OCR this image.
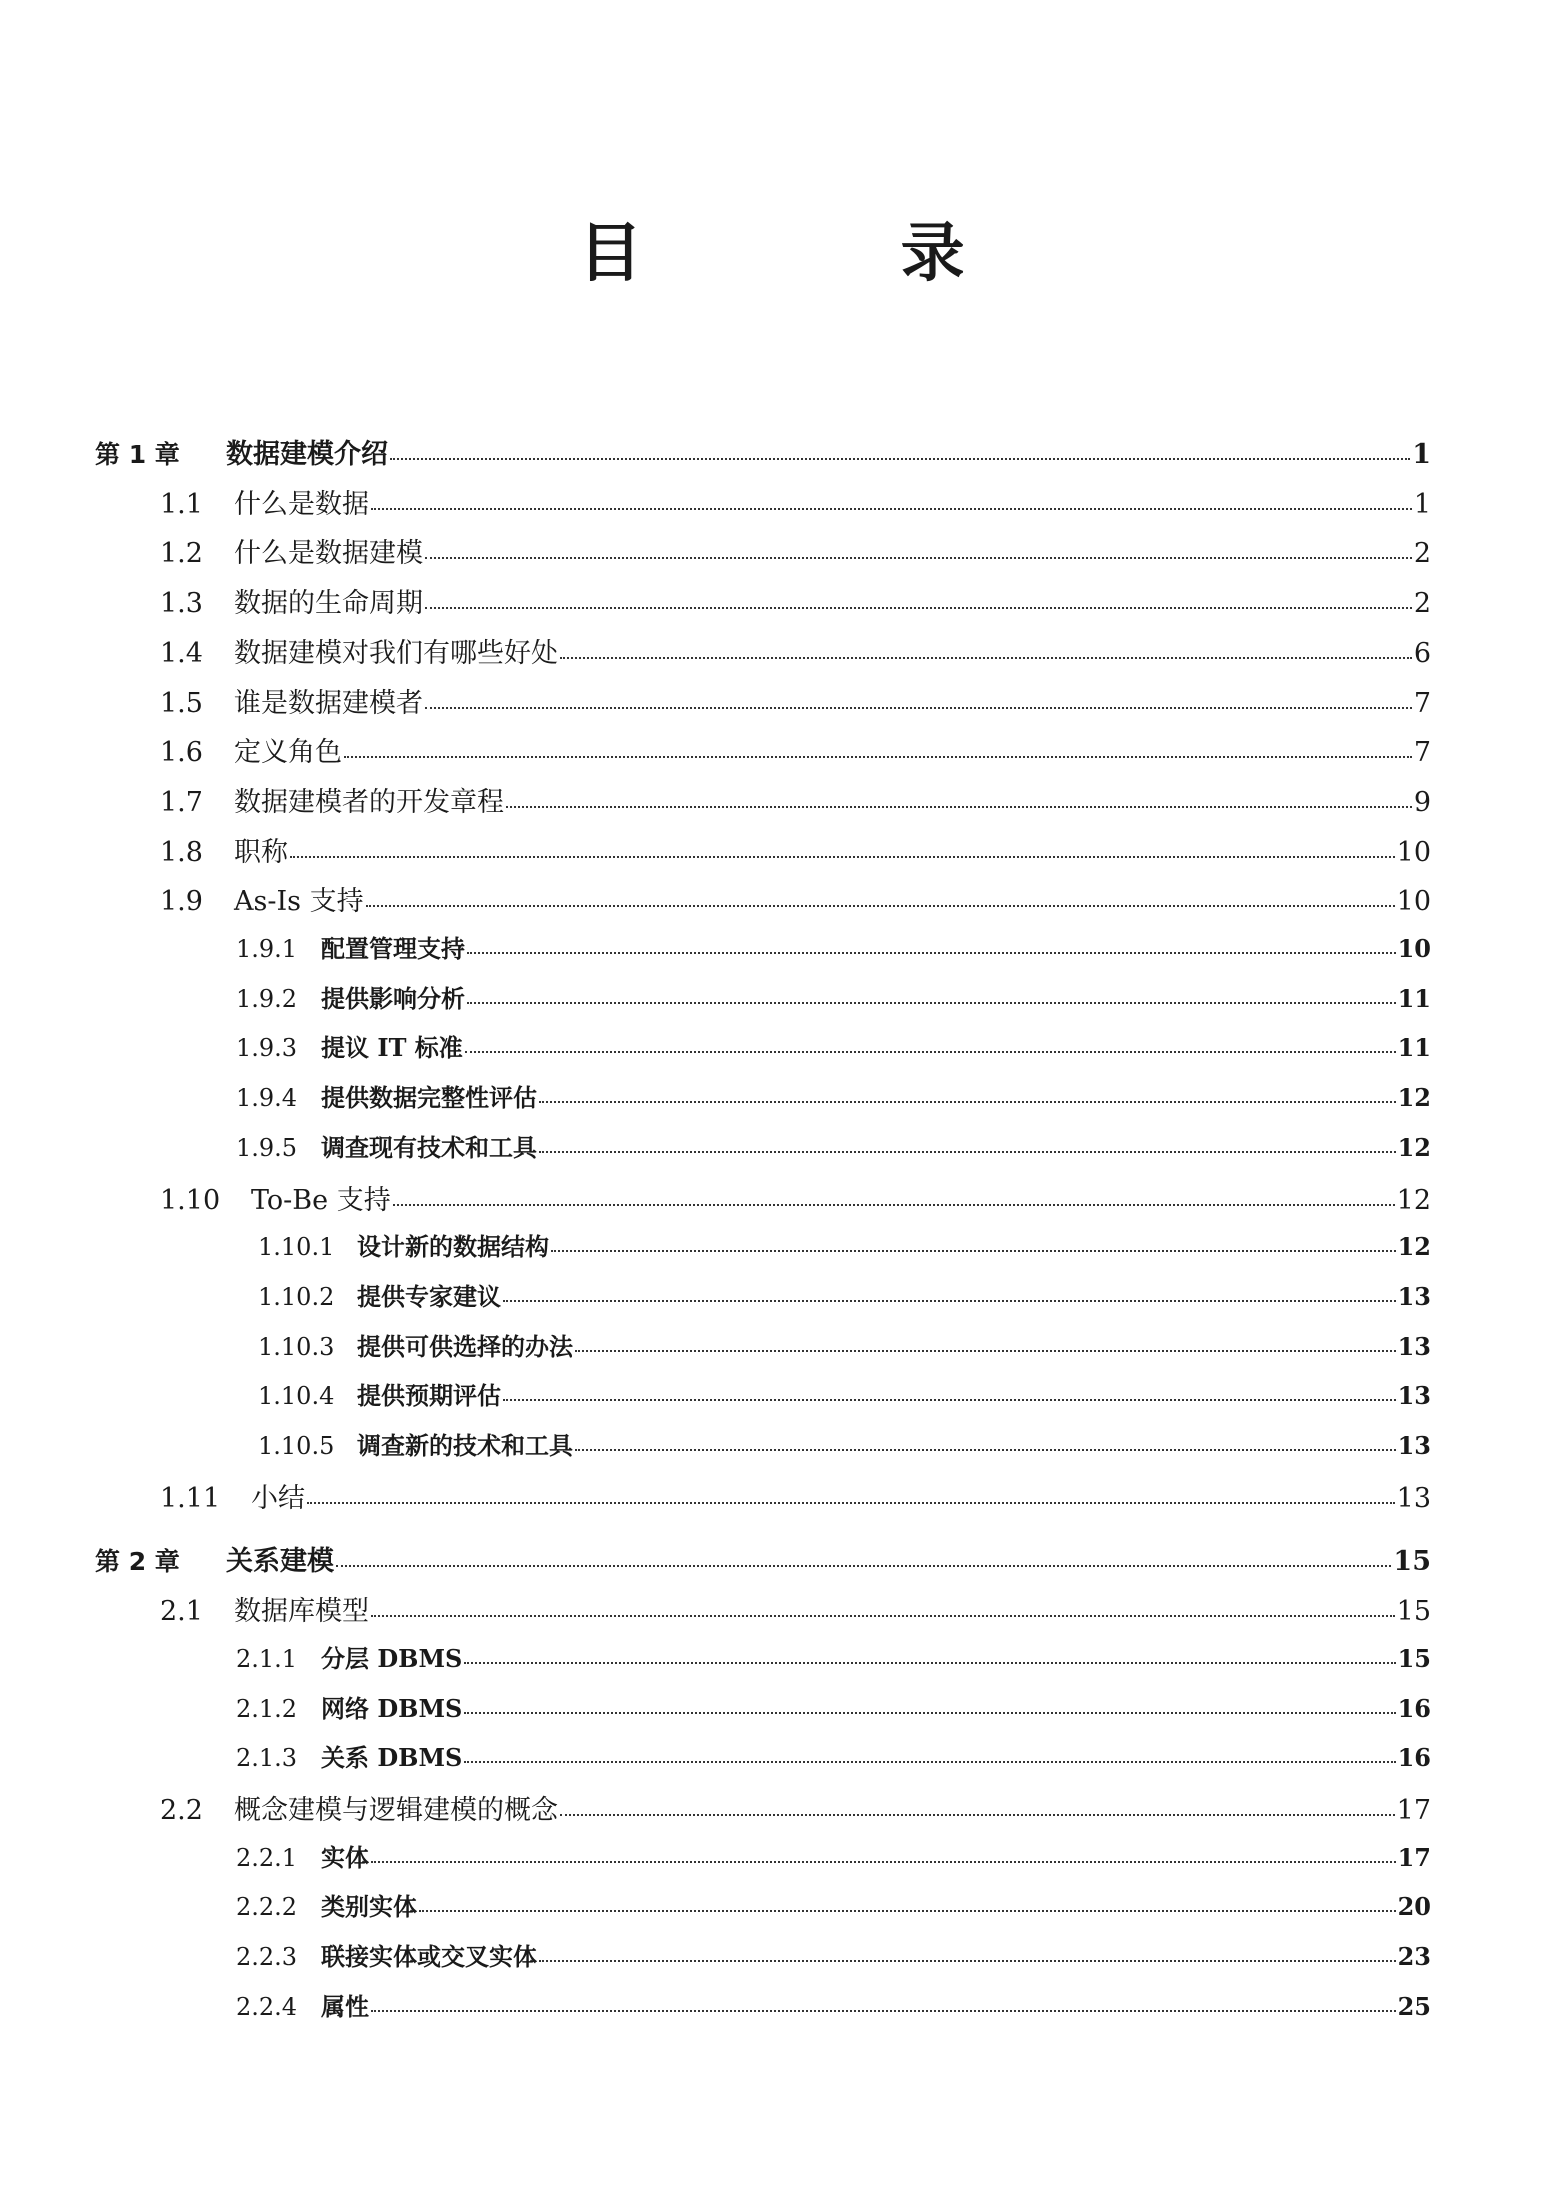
目 录
第 1 章	数据建模介绍	1
1.1	什么是数据	1
1.2	什么是数据建模	2
1.3	数据的生命周期	2
1.4	数据建模对我们有哪些好处	6
1.5	谁是数据建模者	7
1.6	定义角色	7
1.7	数据建模者的开发章程	9
1.8	职称	10
1.9	As-Is 支持	10
1.9.1 配置管理支持	10
1.9.2 提供影响分析	11
1.9.3 提议 IT 标准	11
1.9.4 提供数据完整性评估	12
1.9.5 调查现有技术和工具	12
1.10	To-Be 支持	12
1.10.1 设计新的数据结构	12
1.10.2 提供专家建议	13
1.10.3 提供可供选择的办法	13
1.10.4 提供预期评估	13
1.10.5 调查新的技术和工具	13
1.11	小结	13
第 2 章	关系建模	15
2.1	数据库模型	15
2.1.1 分层 DBMS	15
2.1.2 网络 DBMS	16
2.1.3 关系 DBMS	16
2.2	概念建模与逻辑建模的概念	17
2.2.1 实体	17
2.2.2 类别实体	20
2.2.3 联接实体或交叉实体	23
2.2.4 属性	25
